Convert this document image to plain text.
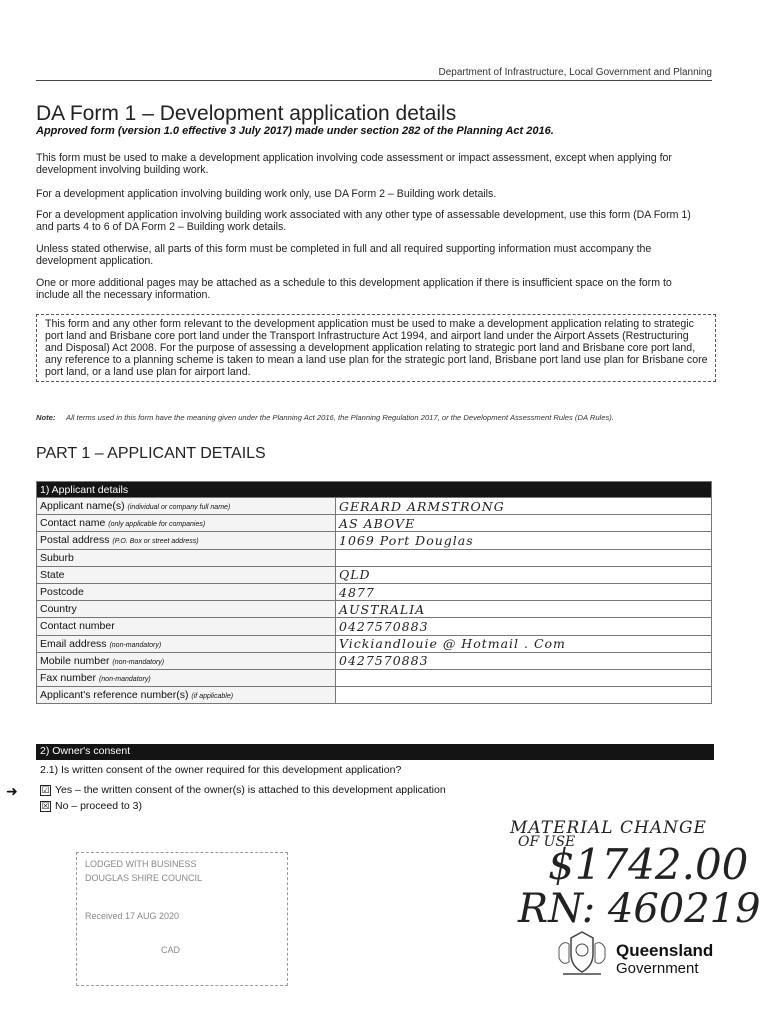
Department of Infrastructure, Local Government and Planning
DA Form 1 – Development application details
Approved form (version 1.0 effective 3 July 2017) made under section 282 of the Planning Act 2016.
This form must be used to make a development application involving code assessment or impact assessment, except when applying for development involving building work.
For a development application involving building work only, use DA Form 2 – Building work details.
For a development application involving building work associated with any other type of assessable development, use this form (DA Form 1) and parts 4 to 6 of DA Form 2 – Building work details.
Unless stated otherwise, all parts of this form must be completed in full and all required supporting information must accompany the development application.
One or more additional pages may be attached as a schedule to this development application if there is insufficient space on the form to include all the necessary information.
This form and any other form relevant to the development application must be used to make a development application relating to strategic port land and Brisbane core port land under the Transport Infrastructure Act 1994, and airport land under the Airport Assets (Restructuring and Disposal) Act 2008. For the purpose of assessing a development application relating to strategic port land and Brisbane core port land, any reference to a planning scheme is taken to mean a land use plan for the strategic port land, Brisbane port land use plan for Brisbane core port land, or a land use plan for airport land.
Note: All terms used in this form have the meaning given under the Planning Act 2016, the Planning Regulation 2017, or the Development Assessment Rules (DA Rules).
PART 1 – APPLICANT DETAILS
1) Applicant details	
Applicant name(s) (individual or company full name)	GERARD ARMSTRONG
Contact name (only applicable for companies)	AS ABOVE
Postal address (P.O. Box or street address)	1069 Port Douglas
Suburb	
State	QLD
Postcode	4877
Country	AUSTRALIA
Contact number	0427570883
Email address (non-mandatory)	Vickiandlouie @ Hotmail . Com
Mobile number (non-mandatory)	0427570883
Fax number (non-mandatory)	
Applicant's reference number(s) (if applicable)	
2) Owner's consent
2.1) Is written consent of the owner required for this development application?
➜	☑ Yes – the written consent of the owner(s) is attached to this development application
☒ No – proceed to 3)
MATERIAL CHANGE
OF USE
$1742.00
RN: 460219
LODGED WITH BUSINESS
DOUGLAS SHIRE COUNCIL
Received 17 AUG 2020
CAD	Queensland
Government
